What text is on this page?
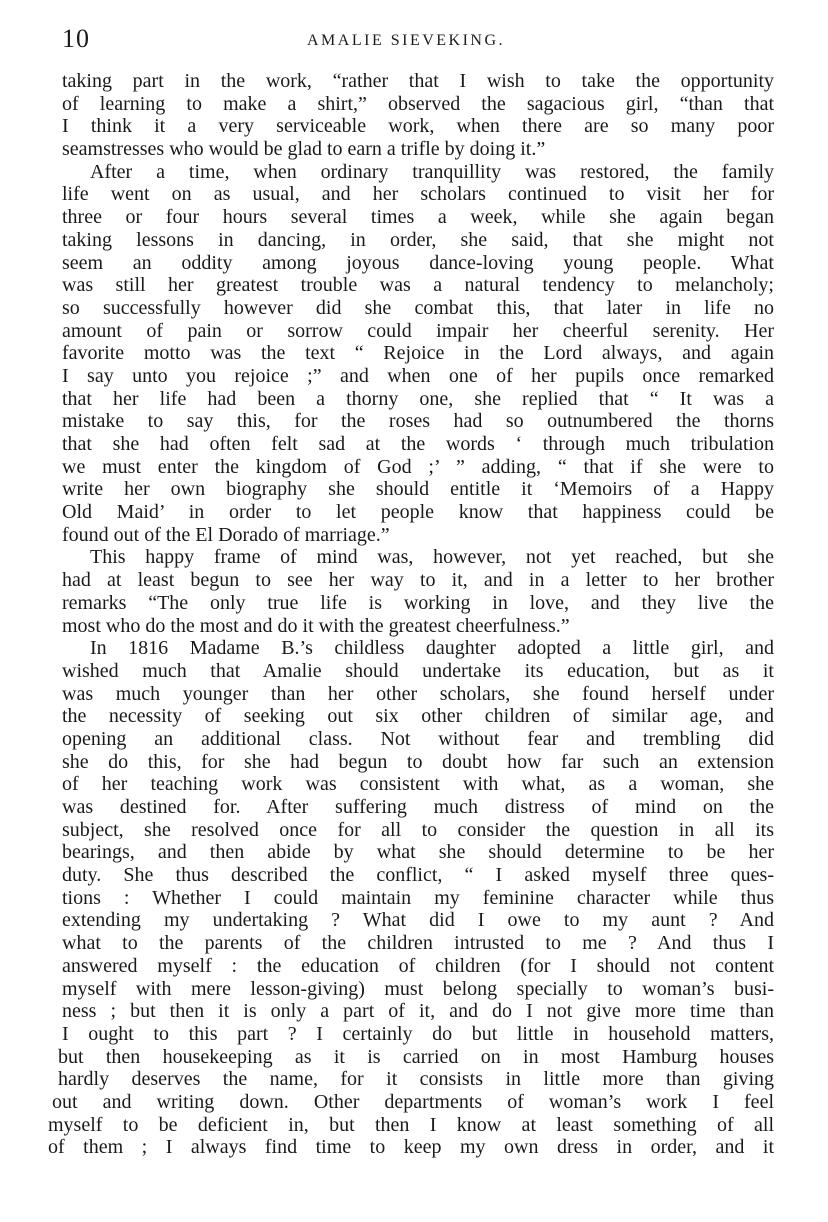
10	AMALIE SIEVEKING.
taking part in the work, “rather that I wish to take the opportunity
of learning to make a shirt,” observed the sagacious girl, “than that
I think it a very serviceable work, when there are so many poor
seamstresses who would be glad to earn a trifle by doing it.”
After a time, when ordinary tranquillity was restored, the family
life went on as usual, and her scholars continued to visit her for
three or four hours several times a week, while she again began
taking lessons in dancing, in order, she said, that she might not
seem an oddity among joyous dance-loving young people. What
was still her greatest trouble was a natural tendency to melancholy;
so successfully however did she combat this, that later in life no
amount of pain or sorrow could impair her cheerful serenity. Her
favorite motto was the text “ Rejoice in the Lord always, and again
I say unto you rejoice ;” and when one of her pupils once remarked
that her life had been a thorny one, she replied that “ It was a
mistake to say this, for the roses had so outnumbered the thorns
that she had often felt sad at the words ‘ through much tribulation
we must enter the kingdom of God ;’ ” adding, “ that if she were to
write her own biography she should entitle it ‘Memoirs of a Happy
Old Maid’ in order to let people know that happiness could be
found out of the El Dorado of marriage.”
This happy frame of mind was, however, not yet reached, but she
had at least begun to see her way to it, and in a letter to her brother
remarks “The only true life is working in love, and they live the
most who do the most and do it with the greatest cheerfulness.”
In 1816 Madame B.’s childless daughter adopted a little girl, and
wished much that Amalie should undertake its education, but as it
was much younger than her other scholars, she found herself under
the necessity of seeking out six other children of similar age, and
opening an additional class. Not without fear and trembling did
she do this, for she had begun to doubt how far such an extension
of her teaching work was consistent with what, as a woman, she
was destined for. After suffering much distress of mind on the
subject, she resolved once for all to consider the question in all its
bearings, and then abide by what she should determine to be her
duty. She thus described the conflict, “ I asked myself three ques-
tions : Whether I could maintain my feminine character while thus
extending my undertaking ? What did I owe to my aunt ? And
what to the parents of the children intrusted to me ? And thus I
answered myself : the education of children (for I should not content
myself with mere lesson-giving) must belong specially to woman’s busi-
ness ; but then it is only a part of it, and do I not give more time than
I ought to this part ? I certainly do but little in household matters,
but then housekeeping as it is carried on in most Hamburg houses
hardly deserves the name, for it consists in little more than giving
out and writing down. Other departments of woman’s work I feel
myself to be deficient in, but then I know at least something of all
of them ; I always find time to keep my own dress in order, and it
